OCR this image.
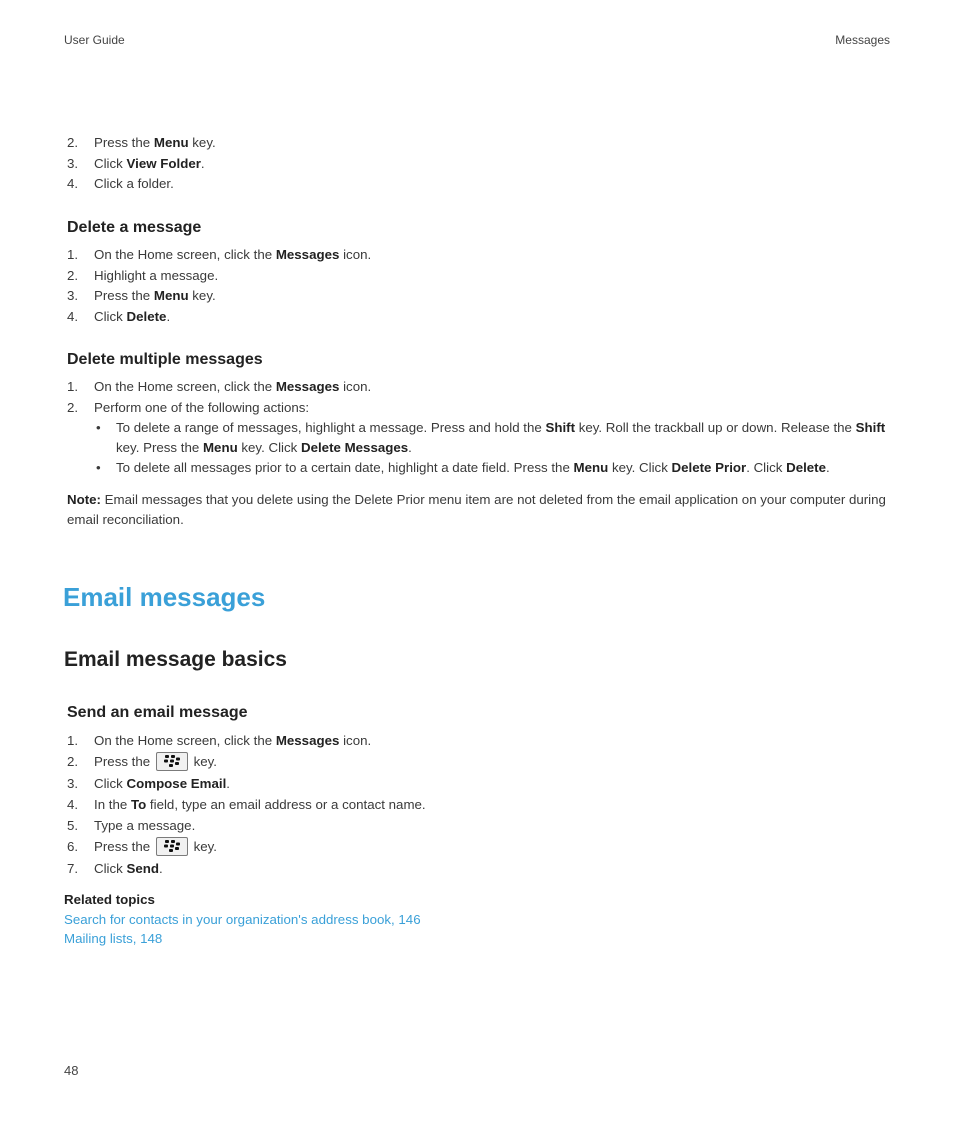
User Guide	Messages
2. Press the Menu key.
3. Click View Folder.
4. Click a folder.
Delete a message
1. On the Home screen, click the Messages icon.
2. Highlight a message.
3. Press the Menu key.
4. Click Delete.
Delete multiple messages
1. On the Home screen, click the Messages icon.
2. Perform one of the following actions:
• To delete a range of messages, highlight a message. Press and hold the Shift key. Roll the trackball up or down. Release the Shift key. Press the Menu key. Click Delete Messages.
• To delete all messages prior to a certain date, highlight a date field. Press the Menu key. Click Delete Prior. Click Delete.
Note: Email messages that you delete using the Delete Prior menu item are not deleted from the email application on your computer during email reconciliation.
Email messages
Email message basics
Send an email message
1. On the Home screen, click the Messages icon.
2. Press the	key.
3. Click Compose Email.
4. In the To field, type an email address or a contact name.
5. Type a message.
6. Press the	key.
7. Click Send.
Related topics
Search for contacts in your organization's address book, 146
Mailing lists, 148
48
